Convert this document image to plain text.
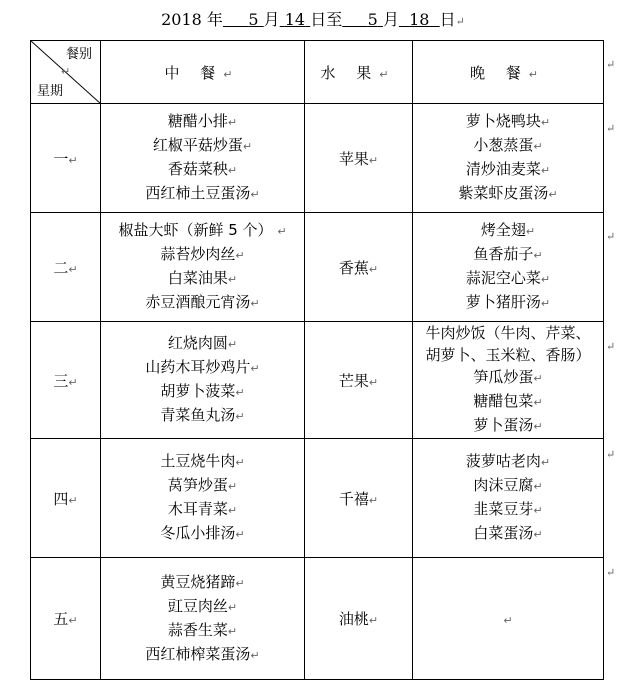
2018 年 5 月 14 日至 5 月 18 日↵
餐别
↵
星期	中 餐↵	水 果↵	晚 餐↵
一↵	糖醋小排↵
红椒平菇炒蛋↵
香菇菜秧↵
西红柿土豆蛋汤↵	苹果↵	萝卜烧鸭块↵
小葱蒸蛋↵
清炒油麦菜↵
紫菜虾皮蛋汤↵

二↵	椒盐大虾（新鲜 5 个） ↵
蒜苔炒肉丝↵
白菜油果↵
赤豆酒酿元宵汤↵	香蕉↵	烤全翅↵
鱼香茄子↵
蒜泥空心菜↵
萝卜猪肝汤↵

三↵	红烧肉圆↵
山药木耳炒鸡片↵
胡萝卜菠菜↵
青菜鱼丸汤↵	芒果↵	牛肉炒饭（牛肉、芹菜、
胡萝卜、玉米粒、香肠）
笋瓜炒蛋↵
糖醋包菜↵
萝卜蛋汤↵

四↵	土豆烧牛肉↵
莴笋炒蛋↵
木耳青菜↵
冬瓜小排汤↵	千禧↵	菠萝咕老肉↵
肉沫豆腐↵
韭菜豆芽↵
白菜蛋汤↵

五↵	黄豆烧猪蹄↵
豇豆肉丝↵
蒜香生菜↵
西红柿榨菜蛋汤↵	油桃↵	↵
↵
↵
↵
↵
↵
↵
